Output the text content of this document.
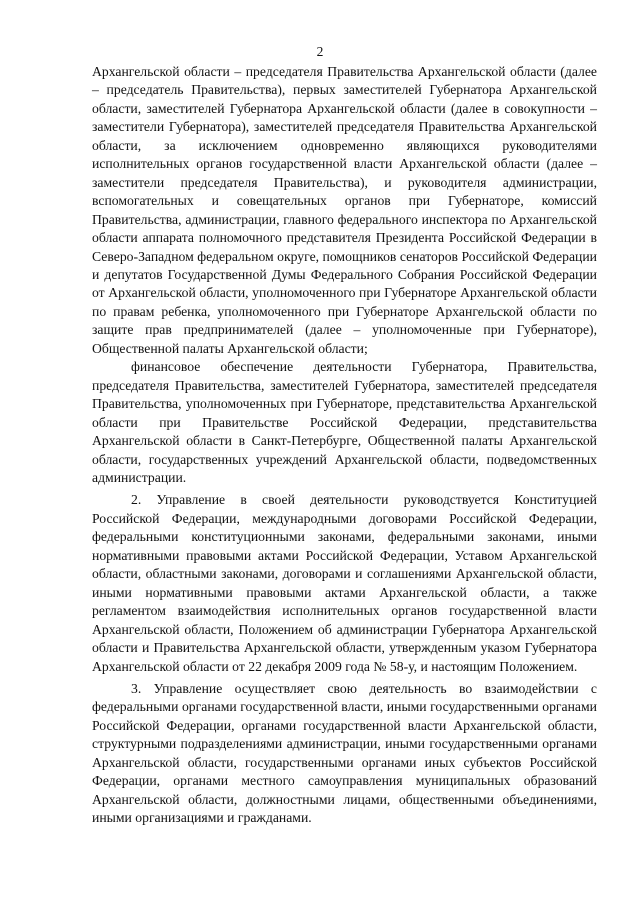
2

Архангельской области – председателя Правительства Архангельской области (далее – председатель Правительства), первых заместителей Губернатора Архангельской области, заместителей Губернатора Архангельской области (далее в совокупности – заместители Губернатора), заместителей председателя Правительства Архангельской области, за исключением одновременно являющихся руководителями исполнительных органов государственной власти Архангельской области (далее – заместители председателя Правительства), и руководителя администрации, вспомогательных и совещательных органов при Губернаторе, комиссий Правительства, администрации, главного федерального инспектора по Архангельской области аппарата полномочного представителя Президента Российской Федерации в Северо-Западном федеральном округе, помощников сенаторов Российской Федерации и депутатов Государственной Думы Федерального Собрания Российской Федерации от Архангельской области, уполномоченного при Губернаторе Архангельской области по правам ребенка, уполномоченного при Губернаторе Архангельской области по защите прав предпринимателей (далее – уполномоченные при Губернаторе), Общественной палаты Архангельской области;

финансовое обеспечение деятельности Губернатора, Правительства, председателя Правительства, заместителей Губернатора, заместителей председателя Правительства, уполномоченных при Губернаторе, представительства Архангельской области при Правительстве Российской Федерации, представительства Архангельской области в Санкт-Петербурге, Общественной палаты Архангельской области, государственных учреждений Архангельской области, подведомственных администрации.

2. Управление в своей деятельности руководствуется Конституцией Российской Федерации, международными договорами Российской Федерации, федеральными конституционными законами, федеральными законами, иными нормативными правовыми актами Российской Федерации, Уставом Архангельской области, областными законами, договорами и соглашениями Архангельской области, иными нормативными правовыми актами Архангельской области, а также регламентом взаимодействия исполнительных органов государственной власти Архангельской области, Положением об администрации Губернатора Архангельской области и Правительства Архангельской области, утвержденным указом Губернатора Архангельской области от 22 декабря 2009 года № 58-у, и настоящим Положением.

3. Управление осуществляет свою деятельность во взаимодействии с федеральными органами государственной власти, иными государственными органами Российской Федерации, органами государственной власти Архангельской области, структурными подразделениями администрации, иными государственными органами Архангельской области, государственными органами иных субъектов Российской Федерации, органами местного самоуправления муниципальных образований Архангельской области, должностными лицами, общественными объединениями, иными организациями и гражданами.
